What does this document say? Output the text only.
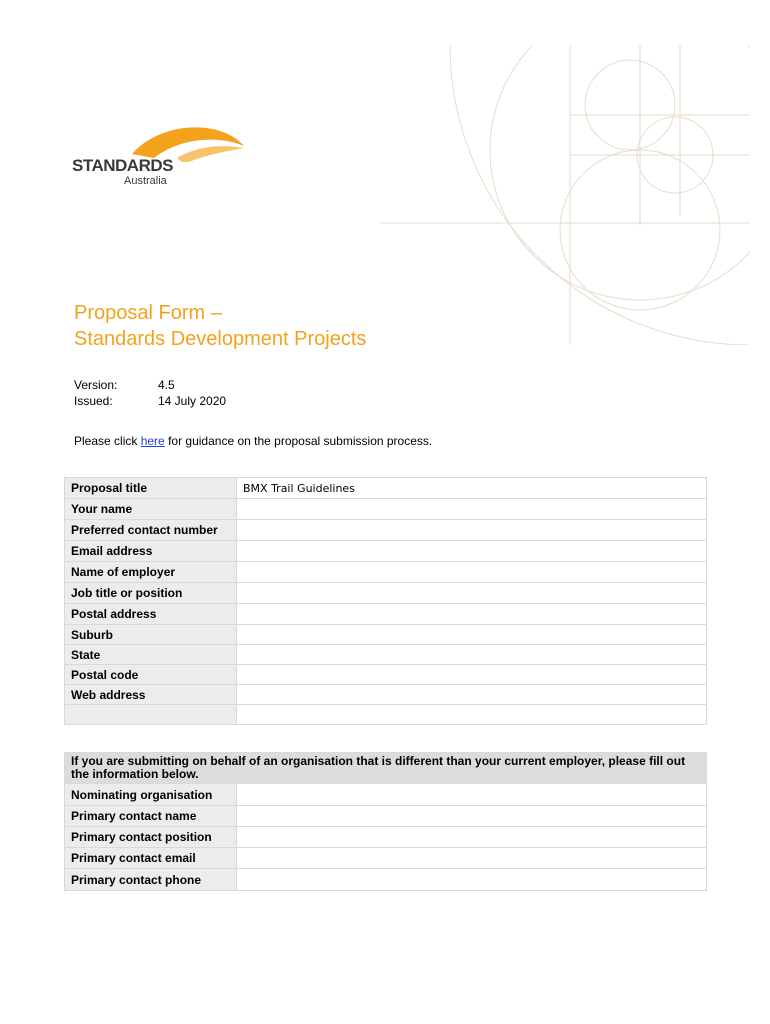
STANDARDS
Australia
Proposal Form –
Standards Development Projects
Version:	4.5
Issued:	14 July 2020
Please click here for guidance on the proposal submission process.
Proposal title	BMX Trail Guidelines
Your name	
Preferred contact number	
Email address	
Name of employer	
Job title or position	
Postal address	
Suburb	
State	
Postal code	
Web address	

If you are submitting on behalf of an organisation that is different than your current employer, please fill out the information below.	
Nominating organisation	
Primary contact name	
Primary contact position	
Primary contact email	
Primary contact phone	
